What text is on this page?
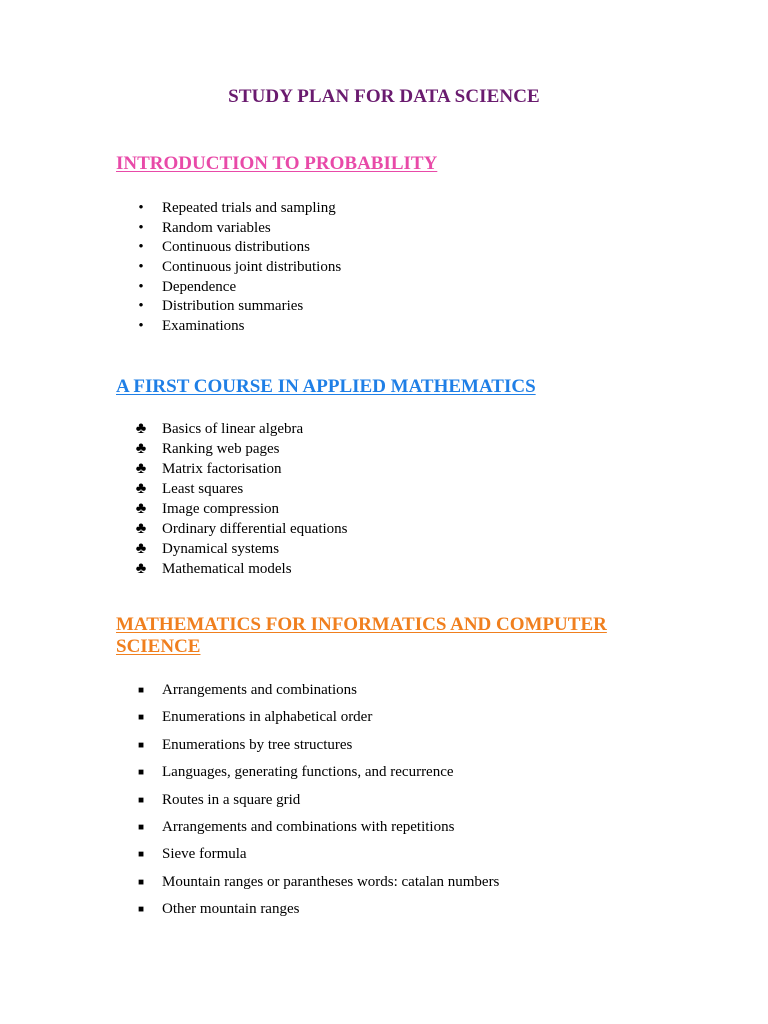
STUDY PLAN FOR DATA SCIENCE
INTRODUCTION TO PROBABILITY
• Repeated trials and sampling
• Random variables
• Continuous distributions
• Continuous joint distributions
• Dependence
• Distribution summaries
• Examinations
A FIRST COURSE IN APPLIED MATHEMATICS
♣ Basics of linear algebra
♣ Ranking web pages
♣ Matrix factorisation
♣ Least squares
♣ Image compression
♣ Ordinary differential equations
♣ Dynamical systems
♣ Mathematical models
MATHEMATICS FOR INFORMATICS AND COMPUTER SCIENCE
■ Arrangements and combinations
■ Enumerations in alphabetical order
■ Enumerations by tree structures
■ Languages, generating functions, and recurrence
■ Routes in a square grid
■ Arrangements and combinations with repetitions
■ Sieve formula
■ Mountain ranges or parantheses words: catalan numbers
■ Other mountain ranges
